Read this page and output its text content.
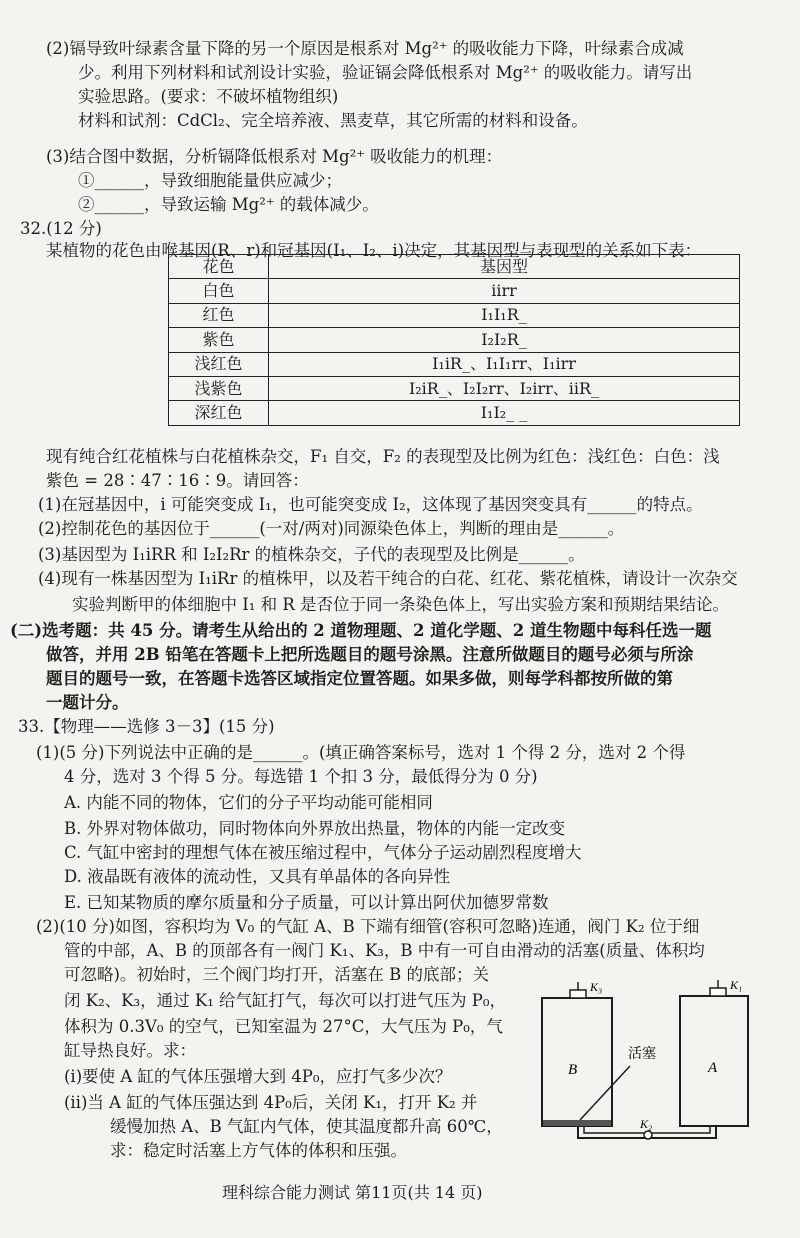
(2)镉导致叶绿素含量下降的另一个原因是根系对 Mg²⁺ 的吸收能力下降，叶绿素合成减
少。利用下列材料和试剂设计实验，验证镉会降低根系对 Mg²⁺ 的吸收能力。请写出
实验思路。(要求：不破坏植物组织)
材料和试剂：CdCl₂、完全培养液、黑麦草，其它所需的材料和设备。
(3)结合图中数据，分析镉降低根系对 Mg²⁺ 吸收能力的机理：
①______，导致细胞能量供应减少；
②______，导致运输 Mg²⁺ 的载体减少。
32.(12 分)
某植物的花色由喉基因(R、r)和冠基因(I₁、I₂、i)决定，其基因型与表现型的关系如下表：
花色	基因型
白色	iirr
红色	I₁I₁R_
紫色	I₂I₂R_
浅红色	I₁iR_、I₁I₁rr、I₁irr
浅紫色	I₂iR_、I₂I₂rr、I₂irr、iiR_
深红色	I₁I₂_ _
现有纯合红花植株与白花植株杂交，F₁ 自交，F₂ 的表现型及比例为红色：浅红色：白色：浅
紫色 = 28∶47∶16∶9。请回答：
(1)在冠基因中，i 可能突变成 I₁，也可能突变成 I₂，这体现了基因突变具有______的特点。
(2)控制花色的基因位于______(一对/两对)同源染色体上，判断的理由是______。
(3)基因型为 I₁iRR 和 I₂I₂Rr 的植株杂交，子代的表现型及比例是______。
(4)现有一株基因型为 I₁iRr 的植株甲，以及若干纯合的白花、红花、紫花植株，请设计一次杂交
实验判断甲的体细胞中 I₁ 和 R 是否位于同一条染色体上，写出实验方案和预期结果结论。
(二)选考题：共 45 分。请考生从给出的 2 道物理题、2 道化学题、2 道生物题中每科任选一题
做答，并用 2B 铅笔在答题卡上把所选题目的题号涂黑。注意所做题目的题号必须与所涂
题目的题号一致，在答题卡选答区域指定位置答题。如果多做，则每学科都按所做的第
一题计分。
33.【物理——选修 3－3】(15 分)
(1)(5 分)下列说法中正确的是______。(填正确答案标号，选对 1 个得 2 分，选对 2 个得
4 分，选对 3 个得 5 分。每选错 1 个扣 3 分，最低得分为 0 分)
A. 内能不同的物体，它们的分子平均动能可能相同
B. 外界对物体做功，同时物体向外界放出热量，物体的内能一定改变
C. 气缸中密封的理想气体在被压缩过程中，气体分子运动剧烈程度增大
D. 液晶既有液体的流动性，又具有单晶体的各向异性
E. 已知某物质的摩尔质量和分子质量，可以计算出阿伏加德罗常数
(2)(10 分)如图，容积均为 V₀ 的气缸 A、B 下端有细管(容积可忽略)连通，阀门 K₂ 位于细
管的中部，A、B 的顶部各有一阀门 K₁、K₃，B 中有一可自由滑动的活塞(质量、体积均
可忽略)。初始时，三个阀门均打开，活塞在 B 的底部；关
闭 K₂、K₃，通过 K₁ 给气缸打气，每次可以打进气压为 P₀，
体积为 0.3V₀ 的空气，已知室温为 27°C，大气压为 P₀，气
缸导热良好。求：
(ⅰ)要使 A 缸的气体压强增大到 4P₀，应打气多少次？
(ⅱ)当 A 缸的气体压强达到 4P₀后，关闭 K₁，打开 K₂ 并
缓慢加热 A、B 气缸内气体，使其温度都升高 60℃，
求：稳定时活塞上方气体的体积和压强。
K₃	K₁
K₂
B	A
活塞
理科综合能力测试 第11页(共 14 页)
